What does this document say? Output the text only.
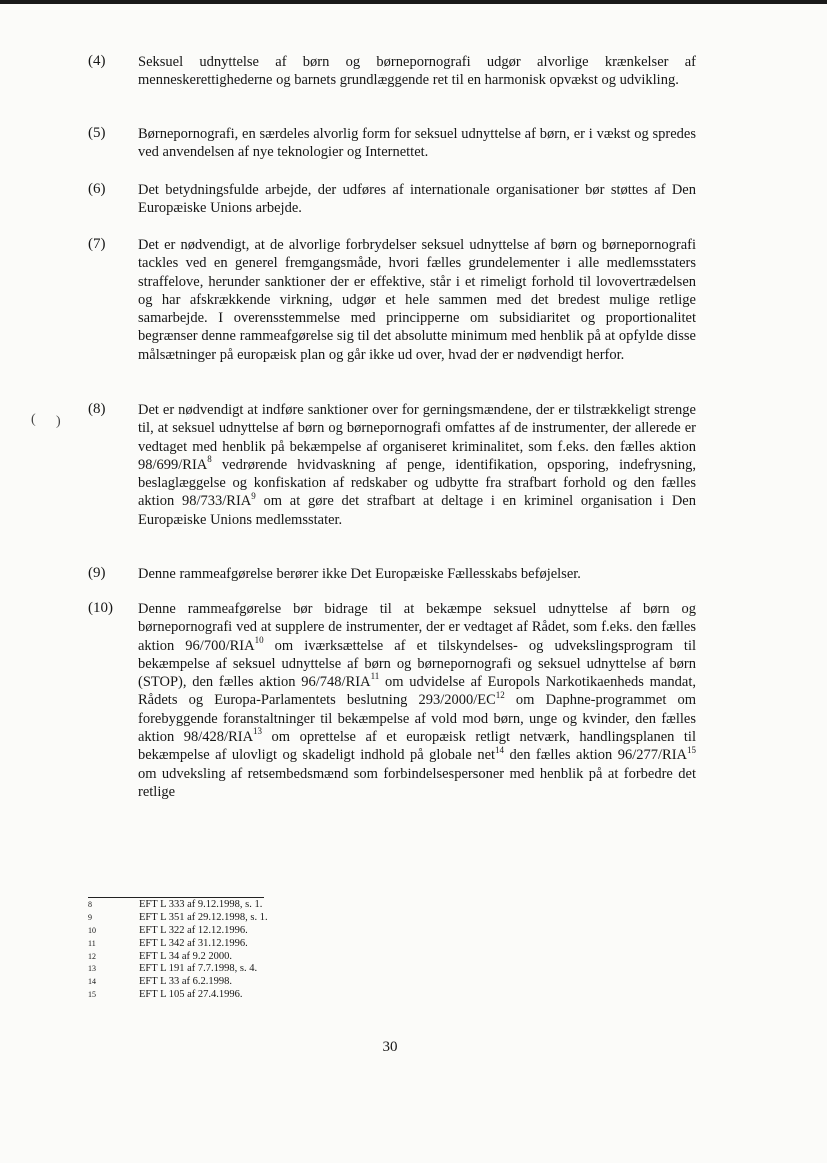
( )
(4) Seksuel udnyttelse af børn og børnepornografi udgør alvorlige krænkelser af menneskerettighederne og barnets grundlæggende ret til en harmonisk opvækst og udvikling.
(5) Børnepornografi, en særdeles alvorlig form for seksuel udnyttelse af børn, er i vækst og spredes ved anvendelsen af nye teknologier og Internettet.
(6) Det betydningsfulde arbejde, der udføres af internationale organisationer bør støttes af Den Europæiske Unions arbejde.
(7) Det er nødvendigt, at de alvorlige forbrydelser seksuel udnyttelse af børn og børnepornografi tackles ved en generel fremgangsmåde, hvori fælles grundelementer i alle medlemsstaters straffelove, herunder sanktioner der er effektive, står i et rimeligt forhold til lovovertrædelsen og har afskrækkende virkning, udgør et hele sammen med det bredest mulige retlige samarbejde. I overensstemmelse med principperne om subsidiaritet og proportionalitet begrænser denne rammeafgørelse sig til det absolutte minimum med henblik på at opfylde disse målsætninger på europæisk plan og går ikke ud over, hvad der er nødvendigt herfor.
(8) Det er nødvendigt at indføre sanktioner over for gerningsmændene, der er tilstrækkeligt strenge til, at seksuel udnyttelse af børn og børnepornografi omfattes af de instrumenter, der allerede er vedtaget med henblik på bekæmpelse af organiseret kriminalitet, som f.eks. den fælles aktion 98/699/RIA$^8$ vedrørende hvidvaskning af penge, identifikation, opsporing, indefrysning, beslaglæggelse og konfiskation af redskaber og udbytte fra strafbart forhold og den fælles aktion 98/733/RIA$^9$ om at gøre det strafbart at deltage i en kriminel organisation i Den Europæiske Unions medlemsstater.
(9) Denne rammeafgørelse berører ikke Det Europæiske Fællesskabs beføjelser.
(10) Denne rammeafgørelse bør bidrage til at bekæmpe seksuel udnyttelse af børn og børnepornografi ved at supplere de instrumenter, der er vedtaget af Rådet, som f.eks. den fælles aktion 96/700/RIA$^{10}$ om iværksættelse af et tilskyndelses- og udvekslingsprogram til bekæmpelse af seksuel udnyttelse af børn og børnepornografi og seksuel udnyttelse af børn (STOP), den fælles aktion 96/748/RIA$^{11}$ om udvidelse af Europols Narkotikaenheds mandat, Rådets og Europa-Parlamentets beslutning 293/2000/EC$^{12}$ om Daphne-programmet om forebyggende foranstaltninger til bekæmpelse af vold mod børn, unge og kvinder, den fælles aktion 98/428/RIA$^{13}$ om oprettelse af et europæisk retligt netværk, handlingsplanen til bekæmpelse af ulovligt og skadeligt indhold på globale net$^{14}$ den fælles aktion 96/277/RIA$^{15}$ om udveksling af retsembedsmænd som forbindelsespersoner med henblik på at forbedre det retlige
8	EFT L 333 af 9.12.1998, s. 1.
9	EFT L 351 af 29.12.1998, s. 1.
10	EFT L 322 af 12.12.1996.
11	EFT L 342 af 31.12.1996.
12	EFT L 34 af 9.2 2000.
13	EFT L 191 af 7.7.1998, s. 4.
14	EFT L 33 af 6.2.1998.
15	EFT L 105 af 27.4.1996.
30
